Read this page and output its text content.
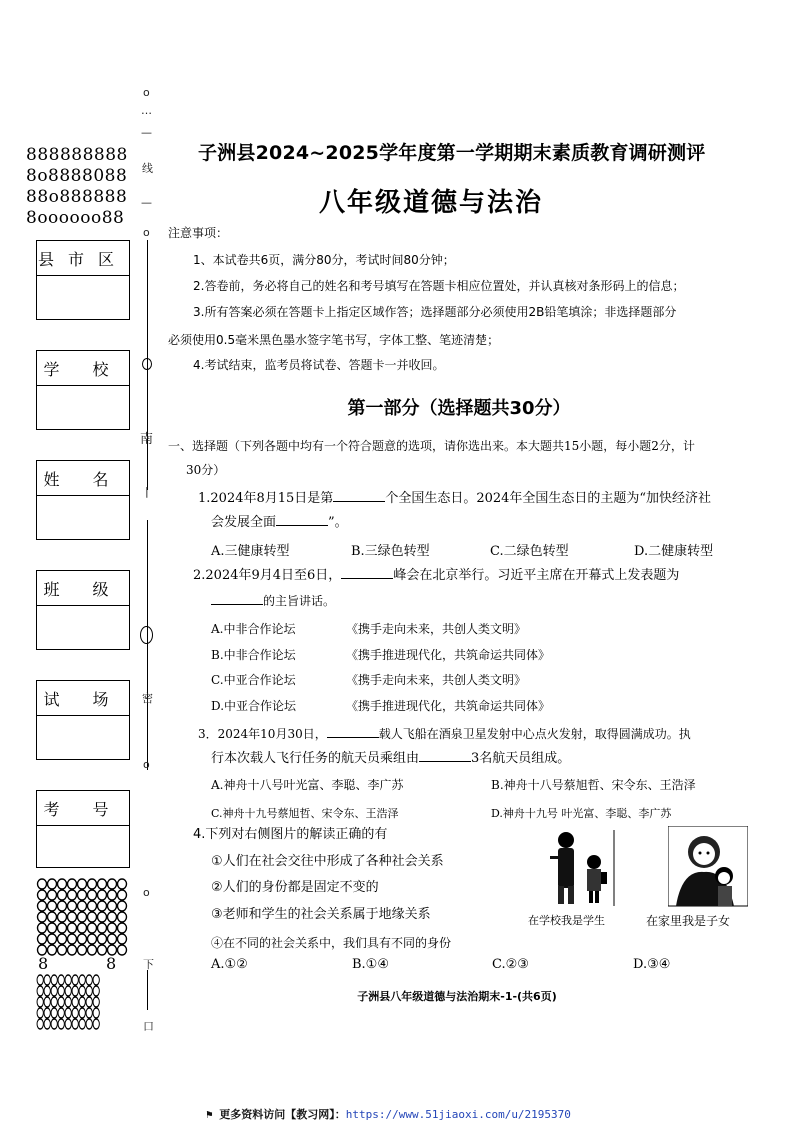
888888888
8o8888088
88o888888
8oooooo88
县市区
学 校
姓 名
班 级
试 场
考 号
o
…
—
线
—
o
南
|
密
o
o
下
口
8	8
子洲县2024~2025学年度第一学期期末素质教育调研测评
八年级道德与法治
注意事项：
1、本试卷共6页，满分80分，考试时间80分钟；
2.答卷前，务必将自己的姓名和考号填写在答题卡相应位置处，并认真核对条形码上的信息；
3.所有答案必须在答题卡上指定区域作答；选择题部分必须使用2B铅笔填涂；非选择题部分
必须使用0.5毫米黑色墨水签字笔书写，字体工整、笔迹清楚；
4.考试结束，监考员将试卷、答题卡一并收回。
第一部分（选择题共30分）
一、选择题（下列各题中均有一个符合题意的选项，请你选出来。本大题共15小题，每小题2分，计
30分）
1.2024年8月15日是第	个全国生态日。2024年全国生态日的主题为“加快经济社
会发展全面	”。
A.三健康转型	B.三绿色转型	C.二绿色转型	D.二健康转型
2.2024年9月4日至6日，	峰会在北京举行。习近平主席在开幕式上发表题为
的主旨讲话。
A.中非合作论坛	《携手走向未来，共创人类文明》
B.中非合作论坛	《携手推进现代化，共筑命运共同体》
C.中亚合作论坛	《携手走向未来，共创人类文明》
D.中亚合作论坛	《携手推进现代化，共筑命运共同体》
3．2024年10月30日，	载人飞船在酒泉卫星发射中心点火发射，取得圆满成功。执
行本次载人飞行任务的航天员乘组由	3名航天员组成。
A.神舟十八号叶光富、李聪、李广苏	B.神舟十八号蔡旭哲、宋令东、王浩泽
C.神舟十九号蔡旭哲、宋令东、王浩泽	D.神舟十九号 叶光富、李聪、李广苏
4.下列对右侧图片的解读正确的有
①人们在社会交往中形成了各种社会关系
②人们的身份都是固定不变的
③老师和学生的社会关系属于地缘关系
④在不同的社会关系中，我们具有不同的身份
A.①②	B.①④	C.②③	D.③④
在学校我是学生	在家里我是子女
子洲县八年级道德与法治期末-1-(共6页)
⚑ 更多资料访问【教习网】：https://www.51jiaoxi.com/u/2195370
